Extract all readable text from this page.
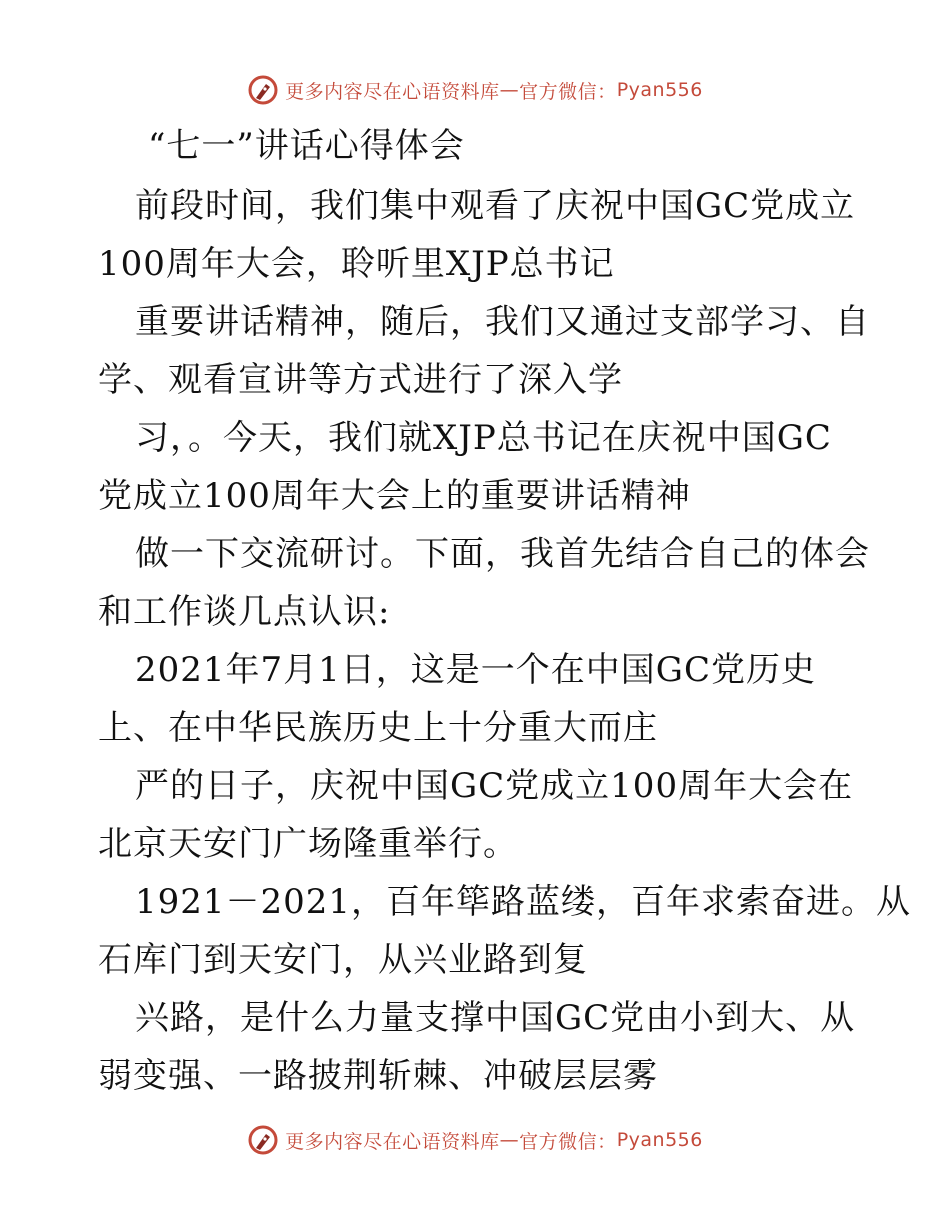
更多内容尽在心语资料库 — 官方微信： Pyan556
“七一”讲话心得体会
前段时间，我们集中观看了庆祝中国GC党成立
100周年大会，聆听里XJP总书记
重要讲话精神，随后，我们又通过支部学习、自
学、观看宣讲等方式进行了深入学
习，。今天，我们就XJP总书记在庆祝中国GC
党成立100周年大会上的重要讲话精神
做一下交流研讨。下面，我首先结合自己的体会
和工作谈几点认识:
2021年7月1日，这是一个在中国GC党历史
上、在中华民族历史上十分重大而庄
严的日子，庆祝中国GC党成立100周年大会在
北京天安门广场隆重举行。
1921－2021，百年筚路蓝缕，百年求索奋进。从
石库门到天安门，从兴业路到复
兴路，是什么力量支撑中国GC党由小到大、从
弱变强、一路披荆斩棘、冲破层层雾
更多内容尽在心语资料库 — 官方微信： Pyan556
